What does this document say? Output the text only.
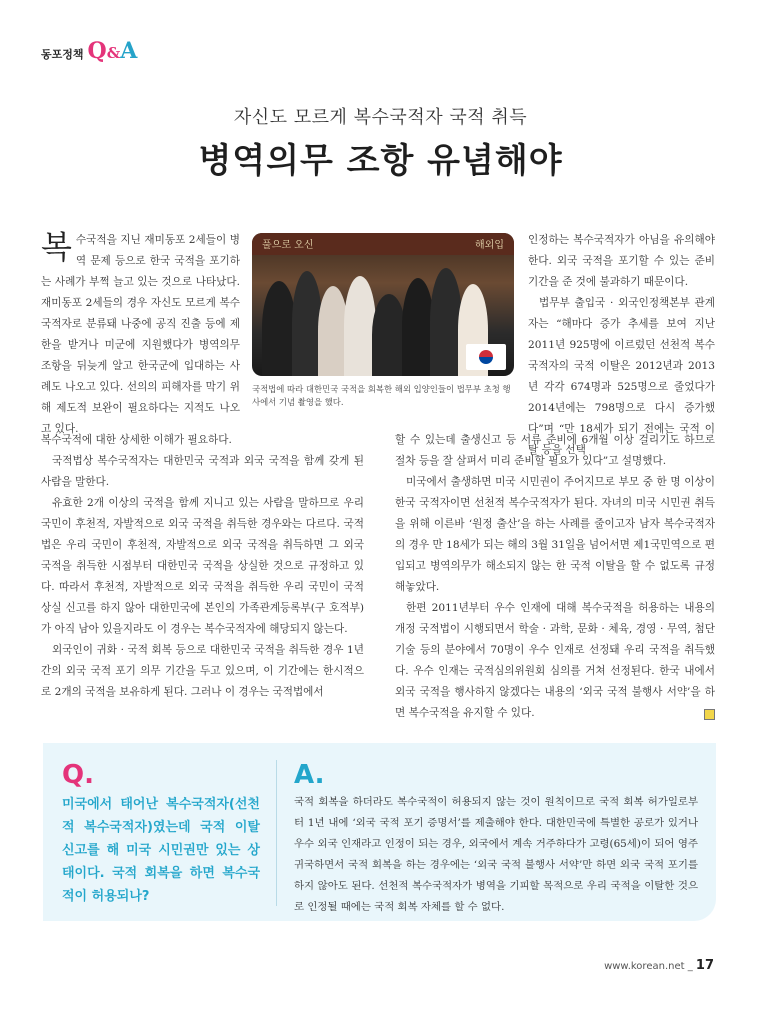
동포정책 Q&A
자신도 모르게 복수국적자 국적 취득
병역의무 조항 유념해야
복수국적을 지닌 재미동포 2세들이 병역 문제 등으로 한국 국적을 포기하는 사례가 부쩍 늘고 있는 것으로 나타났다. 재미동포 2세들의 경우 자신도 모르게 복수국적자로 분류돼 나중에 공직 진출 등에 제한을 받거나 미군에 지원했다가 병역의무 조항을 뒤늦게 알고 한국군에 입대하는 사례도 나오고 있다. 선의의 피해자를 막기 위해 제도적 보완이 필요하다는 지적도 나오고 있다.

복수국적에 대한 상세한 이해가 필요하다.

국적법상 복수국적자는 대한민국 국적과 외국 국적을 함께 갖게 된 사람을 말한다.

유효한 2개 이상의 국적을 함께 지니고 있는 사람을 말하므로 우리 국민이 후천적, 자발적으로 외국 국적을 취득한 경우와는 다르다. 국적법은 우리 국민이 후천적, 자발적으로 외국 국적을 취득하면 그 외국 국적을 취득한 시점부터 대한민국 국적을 상실한 것으로 규정하고 있다. 따라서 후천적, 자발적으로 외국 국적을 취득한 우리 국민이 국적 상실 신고를 하지 않아 대한민국에 본인의 가족관계등록부(구 호적부)가 아직 남아 있을지라도 이 경우는 복수국적자에 해당되지 않는다.

외국인이 귀화 · 국적 회복 등으로 대한민국 국적을 취득한 경우 1년간의 외국 국적 포기 의무 기간을 두고 있으며, 이 기간에는 한시적으로 2개의 국적을 보유하게 된다. 그러나 이 경우는 국적법에서

풀으로 오신	해외입
국적법에 따라 대한민국 국적을 회복한 해외 입양인들이 법무부 초청 행사에서 기념 촬영을 했다.

인정하는 복수국적자가 아님을 유의해야 한다. 외국 국적을 포기할 수 있는 준비 기간을 준 것에 불과하기 때문이다.

법무부 출입국 · 외국인정책본부 관계자는 “해마다 증가 추세를 보여 지난 2011년 925명에 이르렀던 선천적 복수국적자의 국적 이탈은 2012년과 2013년 각각 674명과 525명으로 줄었다가 2014년에는 798명으로 다시 증가했다”며 “만 18세가 되기 전에는 국적 이탈 등을 선택

할 수 있는데 출생신고 등 서류 준비에 6개월 이상 걸리기도 하므로 절차 등을 잘 살펴서 미리 준비할 필요가 있다”고 설명했다.

미국에서 출생하면 미국 시민권이 주어지므로 부모 중 한 명 이상이 한국 국적자이면 선천적 복수국적자가 된다. 자녀의 미국 시민권 취득을 위해 이른바 ‘원정 출산’을 하는 사례를 줄이고자 남자 복수국적자의 경우 만 18세가 되는 해의 3월 31일을 넘어서면 제1국민역으로 편입되고 병역의무가 해소되지 않는 한 국적 이탈을 할 수 없도록 규정해놓았다.

한편 2011년부터 우수 인재에 대해 복수국적을 허용하는 내용의 개정 국적법이 시행되면서 학술 · 과학, 문화 · 체육, 경영 · 무역, 첨단기술 등의 분야에서 70명이 우수 인재로 선정돼 우리 국적을 취득했다. 우수 인재는 국적심의위원회 심의를 거쳐 선정된다. 한국 내에서 외국 국적을 행사하지 않겠다는 내용의 ‘외국 국적 불행사 서약’을 하면 복수국적을 유지할 수 있다.

Q.
미국에서 태어난 복수국적자(선천적 복수국적자)였는데 국적 이탈 신고를 해 미국 시민권만 있는 상태이다. 국적 회복을 하면 복수국적이 허용되나?
A.
국적 회복을 하더라도 복수국적이 허용되지 않는 것이 원칙이므로 국적 회복 허가일로부터 1년 내에 ‘외국 국적 포기 증명서’를 제출해야 한다. 대한민국에 특별한 공로가 있거나 우수 외국 인재라고 인정이 되는 경우, 외국에서 계속 거주하다가 고령(65세)이 되어 영주 귀국하면서 국적 회복을 하는 경우에는 ‘외국 국적 불행사 서약’만 하면 외국 국적 포기를 하지 않아도 된다. 선천적 복수국적자가 병역을 기피할 목적으로 우리 국적을 이탈한 것으로 인정될 때에는 국적 회복 자체를 할 수 없다.
www.korean.net _ 17
